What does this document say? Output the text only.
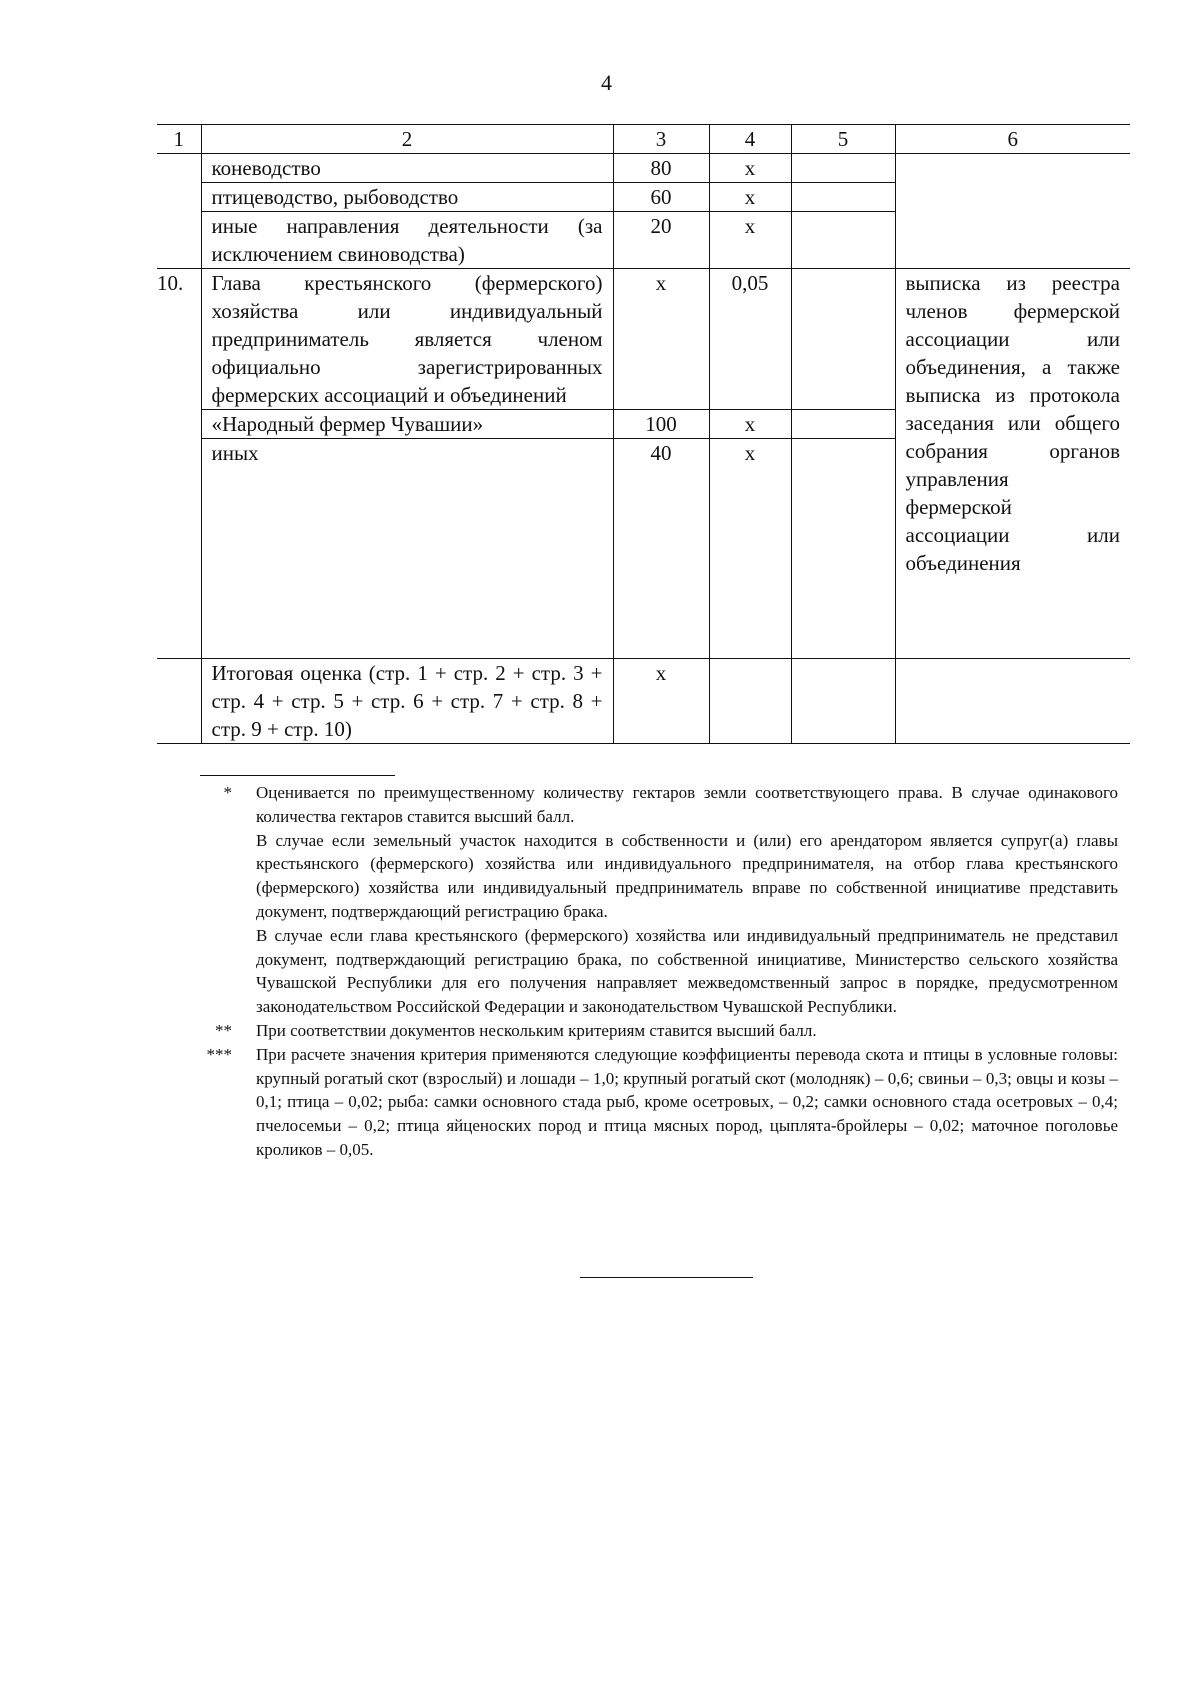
4
1	2	3	4	5	6
	коневодство	80	х		
	птицеводство, рыбоводство	60	х		
	иные направления деятельности (за исключением свиноводства)	20	х		
10.	Глава крестьянского (фермерского) хозяйства или индивидуальный предприниматель является членом официально зарегистрированных фермерских ассоциаций и объединений	х	0,05		выписка из реестра членов фермерской ассоциации или объединения, а также выписка из протокола заседания или общего собрания органов управления фермерской ассоциации или объединения
	«Народный фермер Чувашии»	100	х		
	иных	40	х		
	Итоговая оценка (стр. 1 + стр. 2 + стр. 3 + стр. 4 + стр. 5 + стр. 6 + стр. 7 + стр. 8 + стр. 9 + стр. 10)	х			
* Оценивается по преимущественному количеству гектаров земли соответствующего права. В случае одинакового количества гектаров ставится высший балл.
В случае если земельный участок находится в собственности и (или) его арендатором является супруг(а) главы крестьянского (фермерского) хозяйства или индивидуального предпринимателя, на отбор глава крестьянского (фермерского) хозяйства или индивидуальный предприниматель вправе по собственной инициативе представить документ, подтверждающий регистрацию брака.
В случае если глава крестьянского (фермерского) хозяйства или индивидуальный предприниматель не представил документ, подтверждающий регистрацию брака, по собственной инициативе, Министерство сельского хозяйства Чувашской Республики для его получения направляет межведомственный запрос в порядке, предусмотренном законодательством Российской Федерации и законодательством Чувашской Республики.
** При соответствии документов нескольким критериям ставится высший балл.
*** При расчете значения критерия применяются следующие коэффициенты перевода скота и птицы в условные головы: крупный рогатый скот (взрослый) и лошади – 1,0; крупный рогатый скот (молодняк) – 0,6; свиньи – 0,3; овцы и козы – 0,1; птица – 0,02; рыба: самки основного стада рыб, кроме осетровых, – 0,2; самки основного стада осетровых – 0,4; пчелосемьи – 0,2; птица яйценоских пород и птица мясных пород, цыплята-бройлеры – 0,02; маточное поголовье кроликов – 0,05.
